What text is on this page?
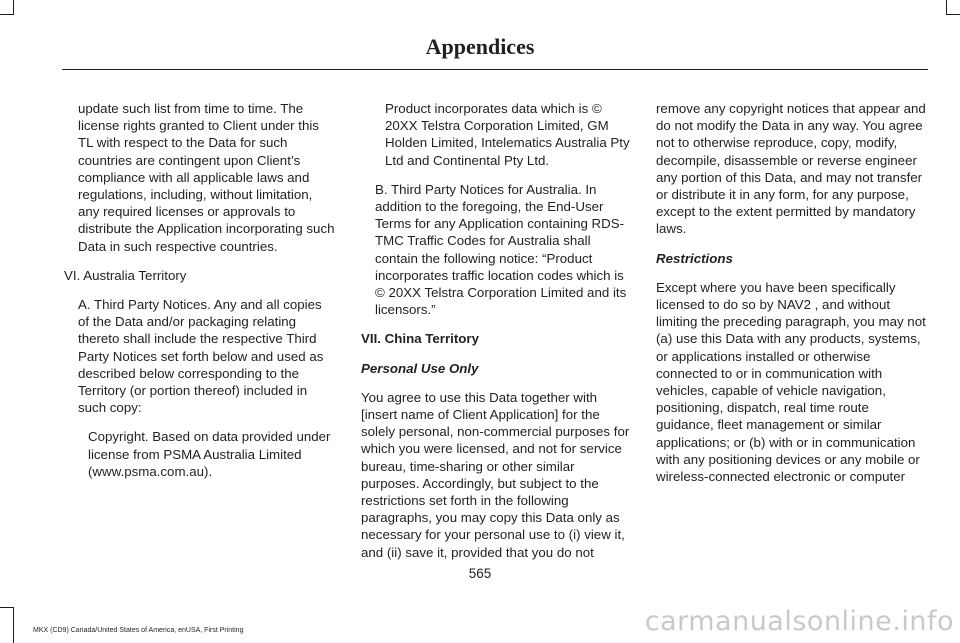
Appendices

update such list from time to time. The license rights granted to Client under this TL with respect to the Data for such countries are contingent upon Client’s compliance with all applicable laws and regulations, including, without limitation, any required licenses or approvals to distribute the Application incorporating such Data in such respective countries.

VI. Australia Territory

A. Third Party Notices. Any and all copies of the Data and/or packaging relating thereto shall include the respective Third Party Notices set forth below and used as described below corresponding to the Territory (or portion thereof) included in such copy:

Copyright. Based on data provided under license from PSMA Australia Limited (www.psma.com.au).

Product incorporates data which is © 20XX Telstra Corporation Limited, GM Holden Limited, Intelematics Australia Pty Ltd and Continental Pty Ltd.

B. Third Party Notices for Australia. In addition to the foregoing, the End-User Terms for any Application containing RDS-TMC Traffic Codes for Australia shall contain the following notice: “Product incorporates traffic location codes which is © 20XX Telstra Corporation Limited and its licensors.”

VII. China Territory

Personal Use Only

You agree to use this Data together with [insert name of Client Application] for the solely personal, non-commercial purposes for which you were licensed, and not for service bureau, time-sharing or other similar purposes. Accordingly, but subject to the restrictions set forth in the following paragraphs, you may copy this Data only as necessary for your personal use to (i) view it, and (ii) save it, provided that you do not

remove any copyright notices that appear and do not modify the Data in any way. You agree not to otherwise reproduce, copy, modify, decompile, disassemble or reverse engineer any portion of this Data, and may not transfer or distribute it in any form, for any purpose, except to the extent permitted by mandatory laws.

Restrictions

Except where you have been specifically licensed to do so by NAV2 , and without limiting the preceding paragraph, you may not (a) use this Data with any products, systems, or applications installed or otherwise connected to or in communication with vehicles, capable of vehicle navigation, positioning, dispatch, real time route guidance, fleet management or similar applications; or (b) with or in communication with any positioning devices or any mobile or wireless-connected electronic or computer

565
MKX (CD9) Canada/United States of America, enUSA, First Printing	carmanualsonline.info
